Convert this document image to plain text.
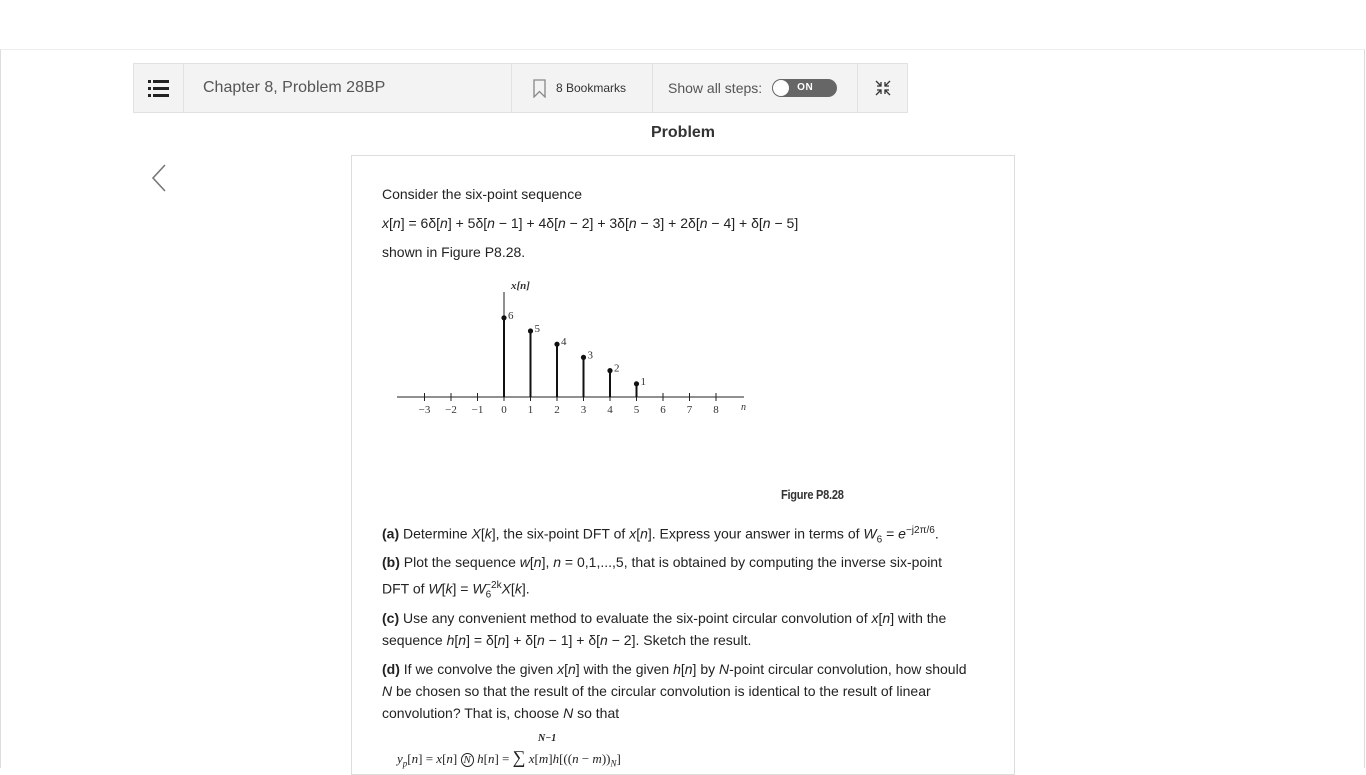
Chapter 8, Problem 28BP	8 Bookmarks	Show all steps:	ON
Problem
Consider the six-point sequence
x[n] = 6δ[n] + 5δ[n − 1] + 4δ[n − 2] + 3δ[n − 3] + 2δ[n − 4] + δ[n − 5]
shown in Figure P8.28.
x[n]
n
−3 −2 −1 0 1 2 3 4 5 6 7 8
6
5
4
3
2
1
Figure P8.28
(a) Determine X[k], the six-point DFT of x[n]. Express your answer in terms of $W_6 = e^{-j2\pi/6}$.
(b) Plot the sequence w[n], n = 0,1,...,5, that is obtained by computing the inverse six-point
DFT of $W[k] = W_6^{-2k}X[k]$.
(c) Use any convenient method to evaluate the six-point circular convolution of x[n] with the
sequence h[n] = δ[n] + δ[n − 1] + δ[n − 2]. Sketch the result.
(d) If we convolve the given x[n] with the given h[n] by N-point circular convolution, how should
N be chosen so that the result of the circular convolution is identical to the result of linear
convolution? That is, choose N so that
N−1
$y_p[n] = x[n]$ N h[n] = ∑ $x[m]h[((n - m))_N]$
